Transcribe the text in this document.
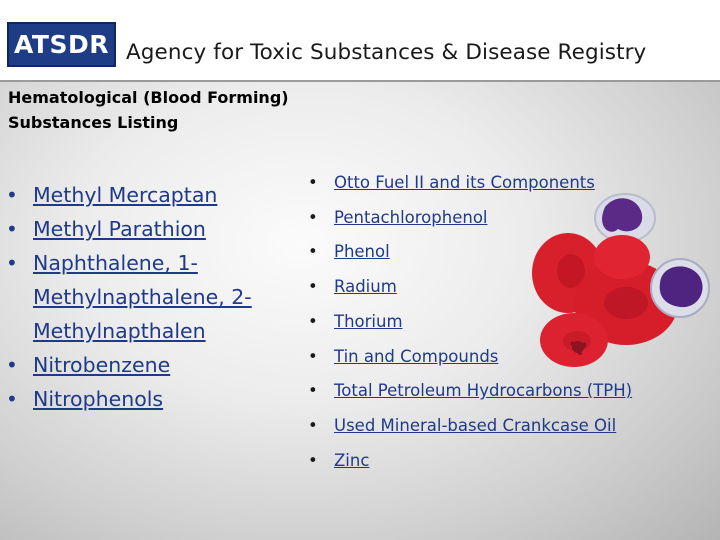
ATSDR Agency for Toxic Substances & Disease Registry
Hematological (Blood Forming)
Substances Listing
• Methyl Mercaptan
• Methyl Parathion
• Naphthalene, 1-
Methylnapthalene, 2-
Methylnapthalen
• Nitrobenzene
• Nitrophenols
• Otto Fuel II and its Components
• Pentachlorophenol
• Phenol
• Radium
• Thorium
• Tin and Compounds
• Total Petroleum Hydrocarbons (TPH)
• Used Mineral-based Crankcase Oil
• Zinc
